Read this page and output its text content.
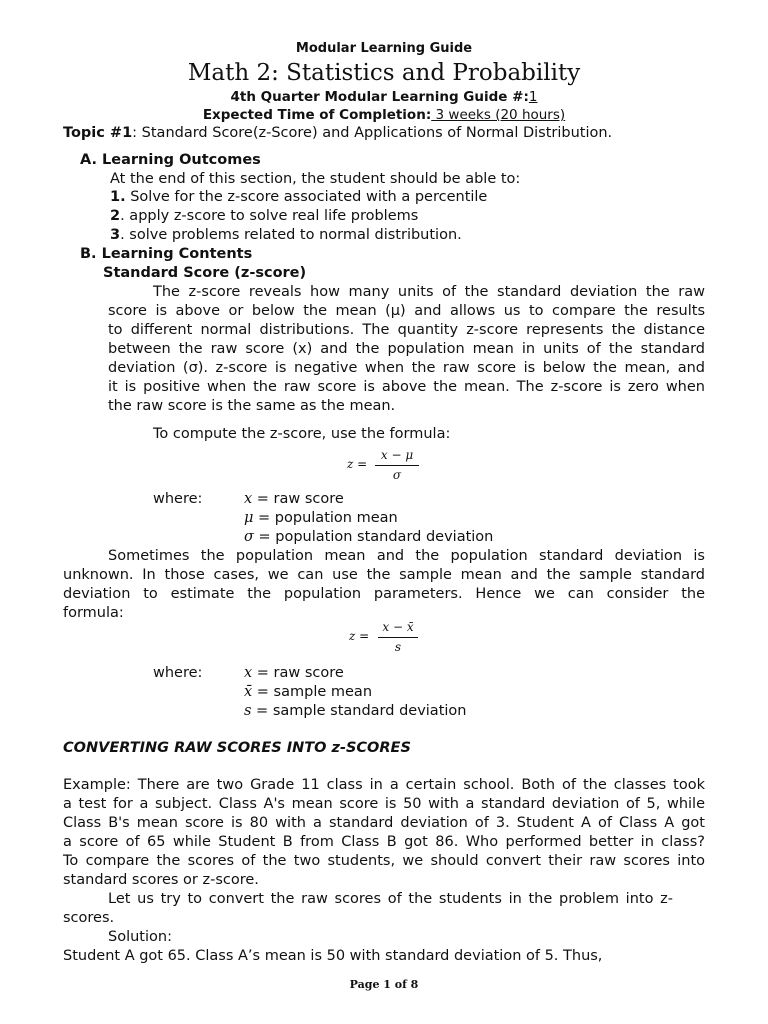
Modular Learning Guide
Math 2: Statistics and Probability
4th Quarter Modular Learning Guide #:1
Expected Time of Completion: 3 weeks (20 hours)
Topic #1: Standard Score(z-Score) and Applications of Normal Distribution.
A. Learning Outcomes
At the end of this section, the student should be able to:
1. Solve for the z-score associated with a percentile
2. apply z-score to solve real life problems
3. solve problems related to normal distribution.
B. Learning Contents
Standard Score (z-score)
The z-score reveals how many units of the standard deviation the raw
score is above or below the mean (μ) and allows us to compare the results
to different normal distributions. The quantity z-score represents the distance
between the raw score (x) and the population mean in units of the standard
deviation (σ). z-score is negative when the raw score is below the mean, and
it is positive when the raw score is above the mean. The z-score is zero when
the raw score is the same as the mean.
To compute the z-score, use the formula:
z =
x − μ
σ
where:	x = raw score
μ = population mean
σ = population standard deviation
Sometimes the population mean and the population standard deviation is
unknown. In those cases, we can use the sample mean and the sample standard
deviation to estimate the population parameters. Hence we can consider the
formula:
z =
x − x̄
s
where:	x = raw score
x̄ = sample mean
s = sample standard deviation
CONVERTING RAW SCORES INTO z-SCORES
Example: There are two Grade 11 class in a certain school. Both of the classes took
a test for a subject. Class A's mean score is 50 with a standard deviation of 5, while
Class B's mean score is 80 with a standard deviation of 3. Student A of Class A got
a score of 65 while Student B from Class B got 86. Who performed better in class?
To compare the scores of the two students, we should convert their raw scores into
standard scores or z-score.
Let us try to convert the raw scores of the students in the problem into z-
scores.
Solution:
Student A got 65. Class A’s mean is 50 with standard deviation of 5. Thus,
Page 1 of 8
